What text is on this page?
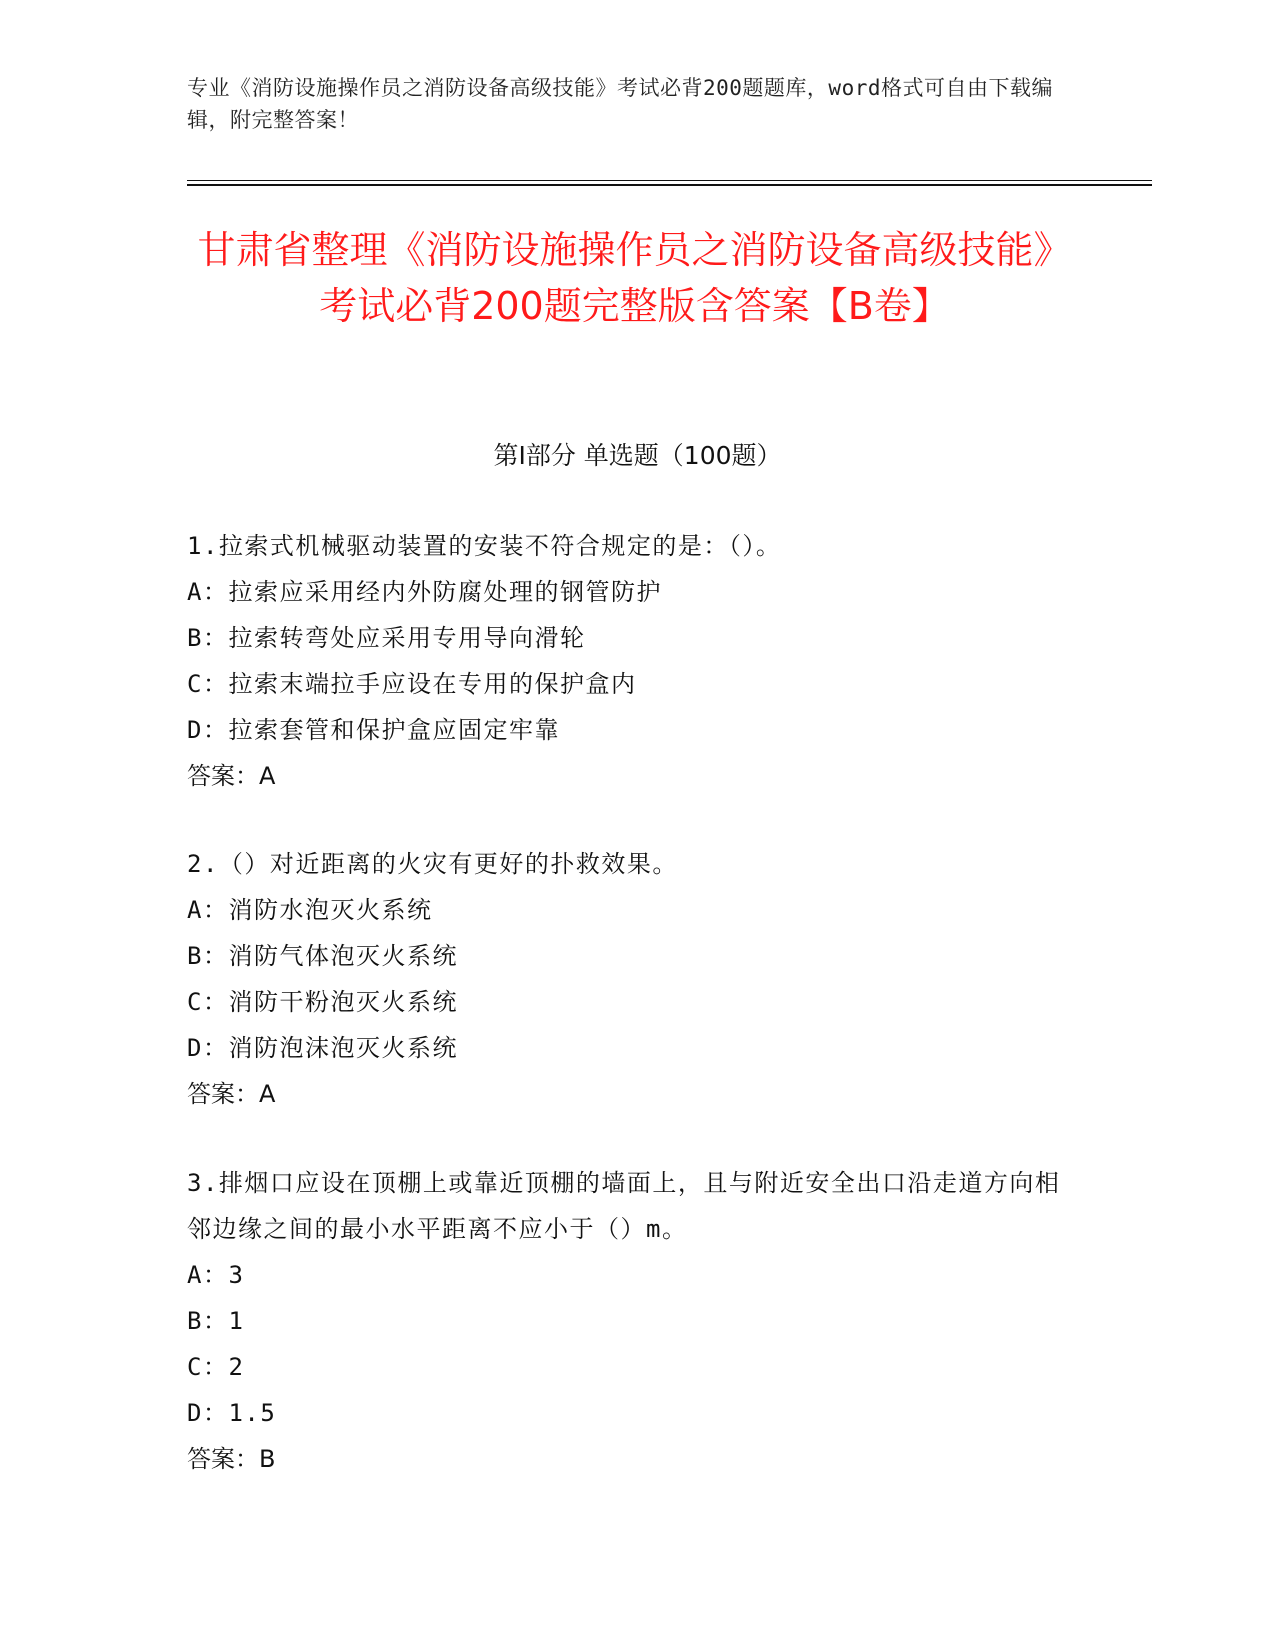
专业《消防设施操作员之消防设备高级技能》考试必背200题题库，word格式可自由下载编辑，附完整答案！
甘肃省整理《消防设施操作员之消防设备高级技能》考试必背200题完整版含答案【B卷】
第I部分 单选题（100题）

1.拉索式机械驱动装置的安装不符合规定的是：（）。

A：拉索应采用经内外防腐处理的钢管防护

B：拉索转弯处应采用专用导向滑轮

C：拉索末端拉手应设在专用的保护盒内

D：拉索套管和保护盒应固定牢靠

答案：A

2.（）对近距离的火灾有更好的扑救效果。

A：消防水泡灭火系统

B：消防气体泡灭火系统

C：消防干粉泡灭火系统

D：消防泡沫泡灭火系统

答案：A

3.排烟口应设在顶棚上或靠近顶棚的墙面上，且与附近安全出口沿走道方向相邻边缘之间的最小水平距离不应小于（）m。

A：3

B：1

C：2

D：1.5

答案：B
